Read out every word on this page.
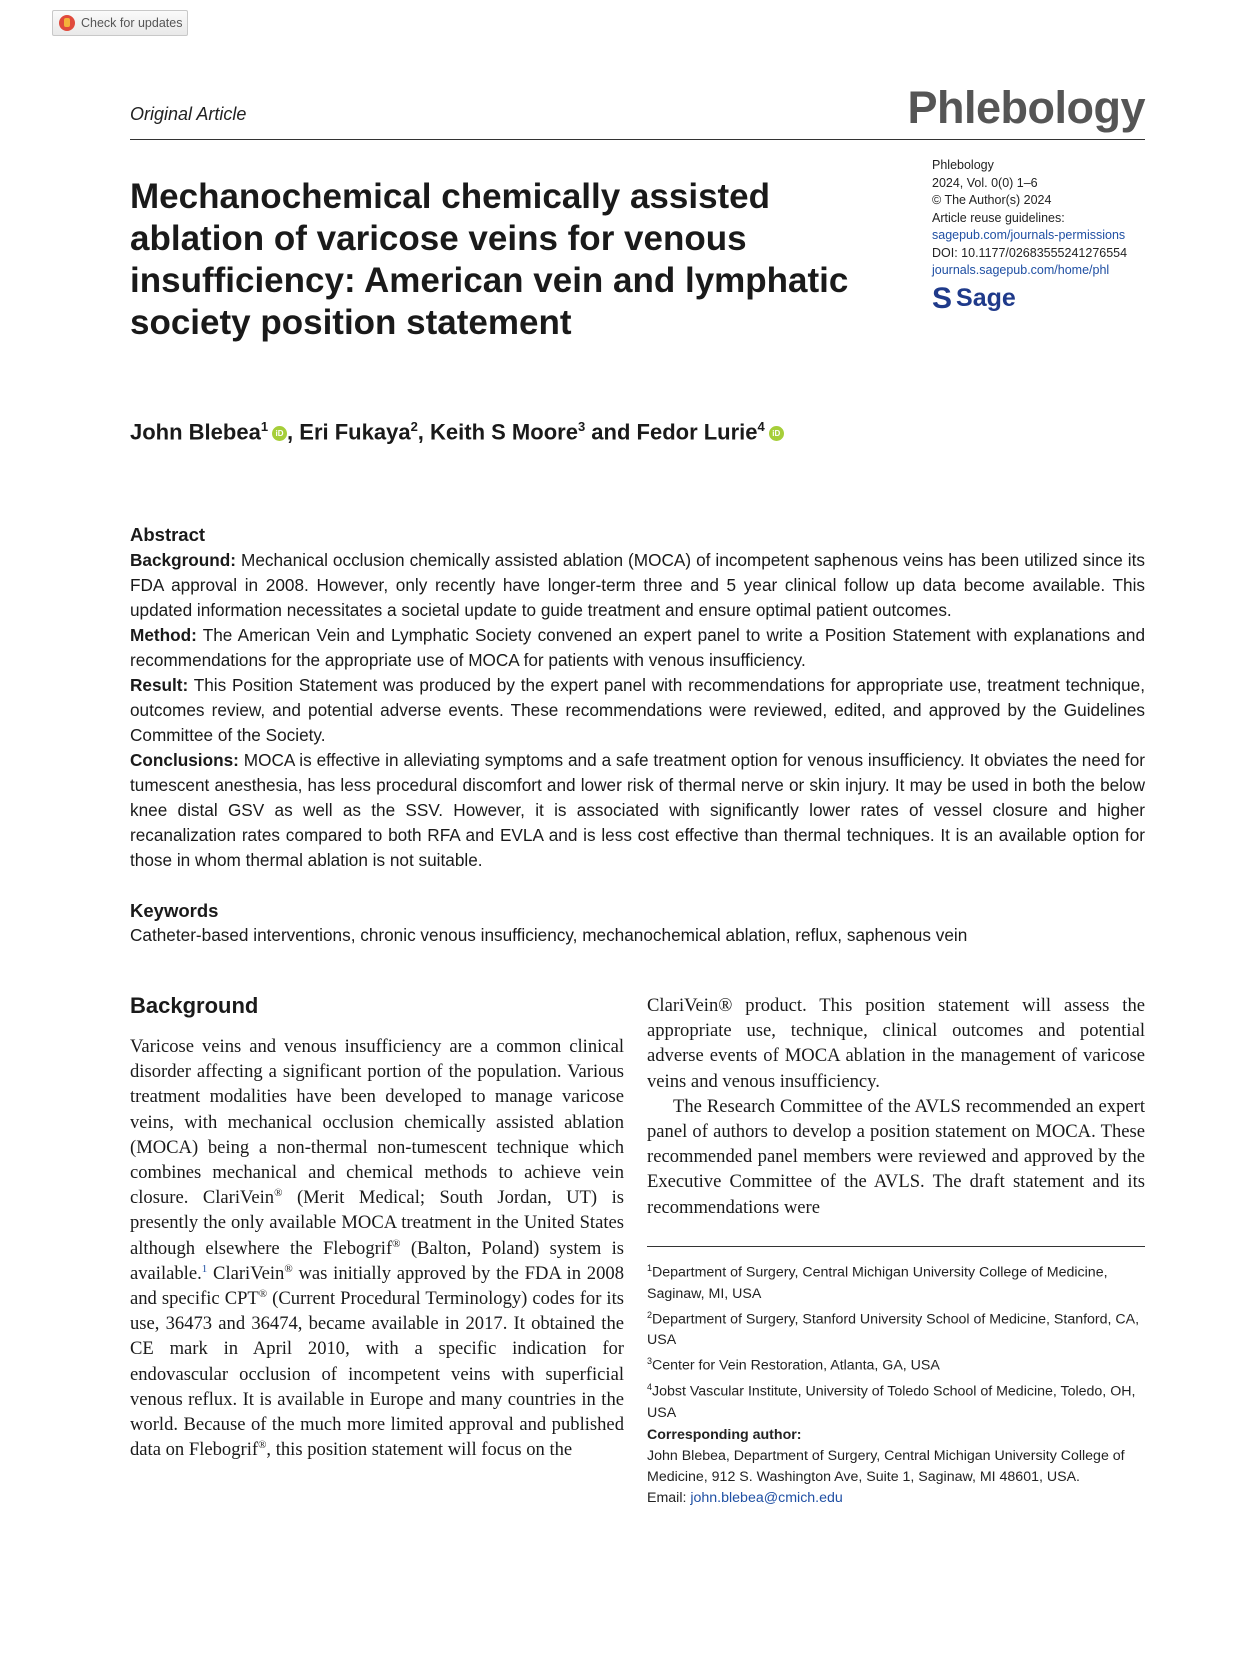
Check for updates
Original Article	Phlebology
Mechanochemical chemically assisted ablation of varicose veins for venous insufficiency: American vein and lymphatic society position statement
Phlebology
2024, Vol. 0(0) 1–6
© The Author(s) 2024
Article reuse guidelines:
sagepub.com/journals-permissions
DOI: 10.1177/02683555241276554
journals.sagepub.com/home/phl
S Sage
John Blebea$^1$ iD , Eri Fukaya$^2$, Keith S Moore$^3$ and Fedor Lurie$^4$ iD
Abstract

Background: Mechanical occlusion chemically assisted ablation (MOCA) of incompetent saphenous veins has been utilized since its FDA approval in 2008. However, only recently have longer-term three and 5 year clinical follow up data become available. This updated information necessitates a societal update to guide treatment and ensure optimal patient outcomes.

Method: The American Vein and Lymphatic Society convened an expert panel to write a Position Statement with explanations and recommendations for the appropriate use of MOCA for patients with venous insufficiency.

Result: This Position Statement was produced by the expert panel with recommendations for appropriate use, treatment technique, outcomes review, and potential adverse events. These recommendations were reviewed, edited, and approved by the Guidelines Committee of the Society.

Conclusions: MOCA is effective in alleviating symptoms and a safe treatment option for venous insufficiency. It obviates the need for tumescent anesthesia, has less procedural discomfort and lower risk of thermal nerve or skin injury. It may be used in both the below knee distal GSV as well as the SSV. However, it is associated with significantly lower rates of vessel closure and higher recanalization rates compared to both RFA and EVLA and is less cost effective than thermal techniques. It is an available option for those in whom thermal ablation is not suitable.

Keywords
Catheter-based interventions, chronic venous insufficiency, mechanochemical ablation, reflux, saphenous vein
Background

Varicose veins and venous insufficiency are a common clinical disorder affecting a significant portion of the population. Various treatment modalities have been developed to manage varicose veins, with mechanical occlusion chemically assisted ablation (MOCA) being a non-thermal non-tumescent technique which combines mechanical and chemical methods to achieve vein closure. ClariVein® (Merit Medical; South Jordan, UT) is presently the only available MOCA treatment in the United States although elsewhere the Flebogrif® (Balton, Poland) system is available.$^1$ ClariVein® was initially approved by the FDA in 2008 and specific CPT® (Current Procedural Terminology) codes for its use, 36473 and 36474, became available in 2017. It obtained the CE mark in April 2010, with a specific indication for endovascular occlusion of incompetent veins with superficial venous reflux. It is available in Europe and many countries in the world. Because of the much more limited approval and published data on Flebogrif®, this position statement will focus on the

ClariVein® product. This position statement will assess the appropriate use, technique, clinical outcomes and potential adverse events of MOCA ablation in the management of varicose veins and venous insufficiency.

The Research Committee of the AVLS recommended an expert panel of authors to develop a position statement on MOCA. These recommended panel members were reviewed and approved by the Executive Committee of the AVLS. The draft statement and its recommendations were

$^1$Department of Surgery, Central Michigan University College of Medicine, Saginaw, MI, USA

$^2$Department of Surgery, Stanford University School of Medicine, Stanford, CA, USA

$^3$Center for Vein Restoration, Atlanta, GA, USA

$^4$Jobst Vascular Institute, University of Toledo School of Medicine, Toledo, OH, USA

Corresponding author:

John Blebea, Department of Surgery, Central Michigan University College of Medicine, 912 S. Washington Ave, Suite 1, Saginaw, MI 48601, USA.

Email: john.blebea@cmich.edu
